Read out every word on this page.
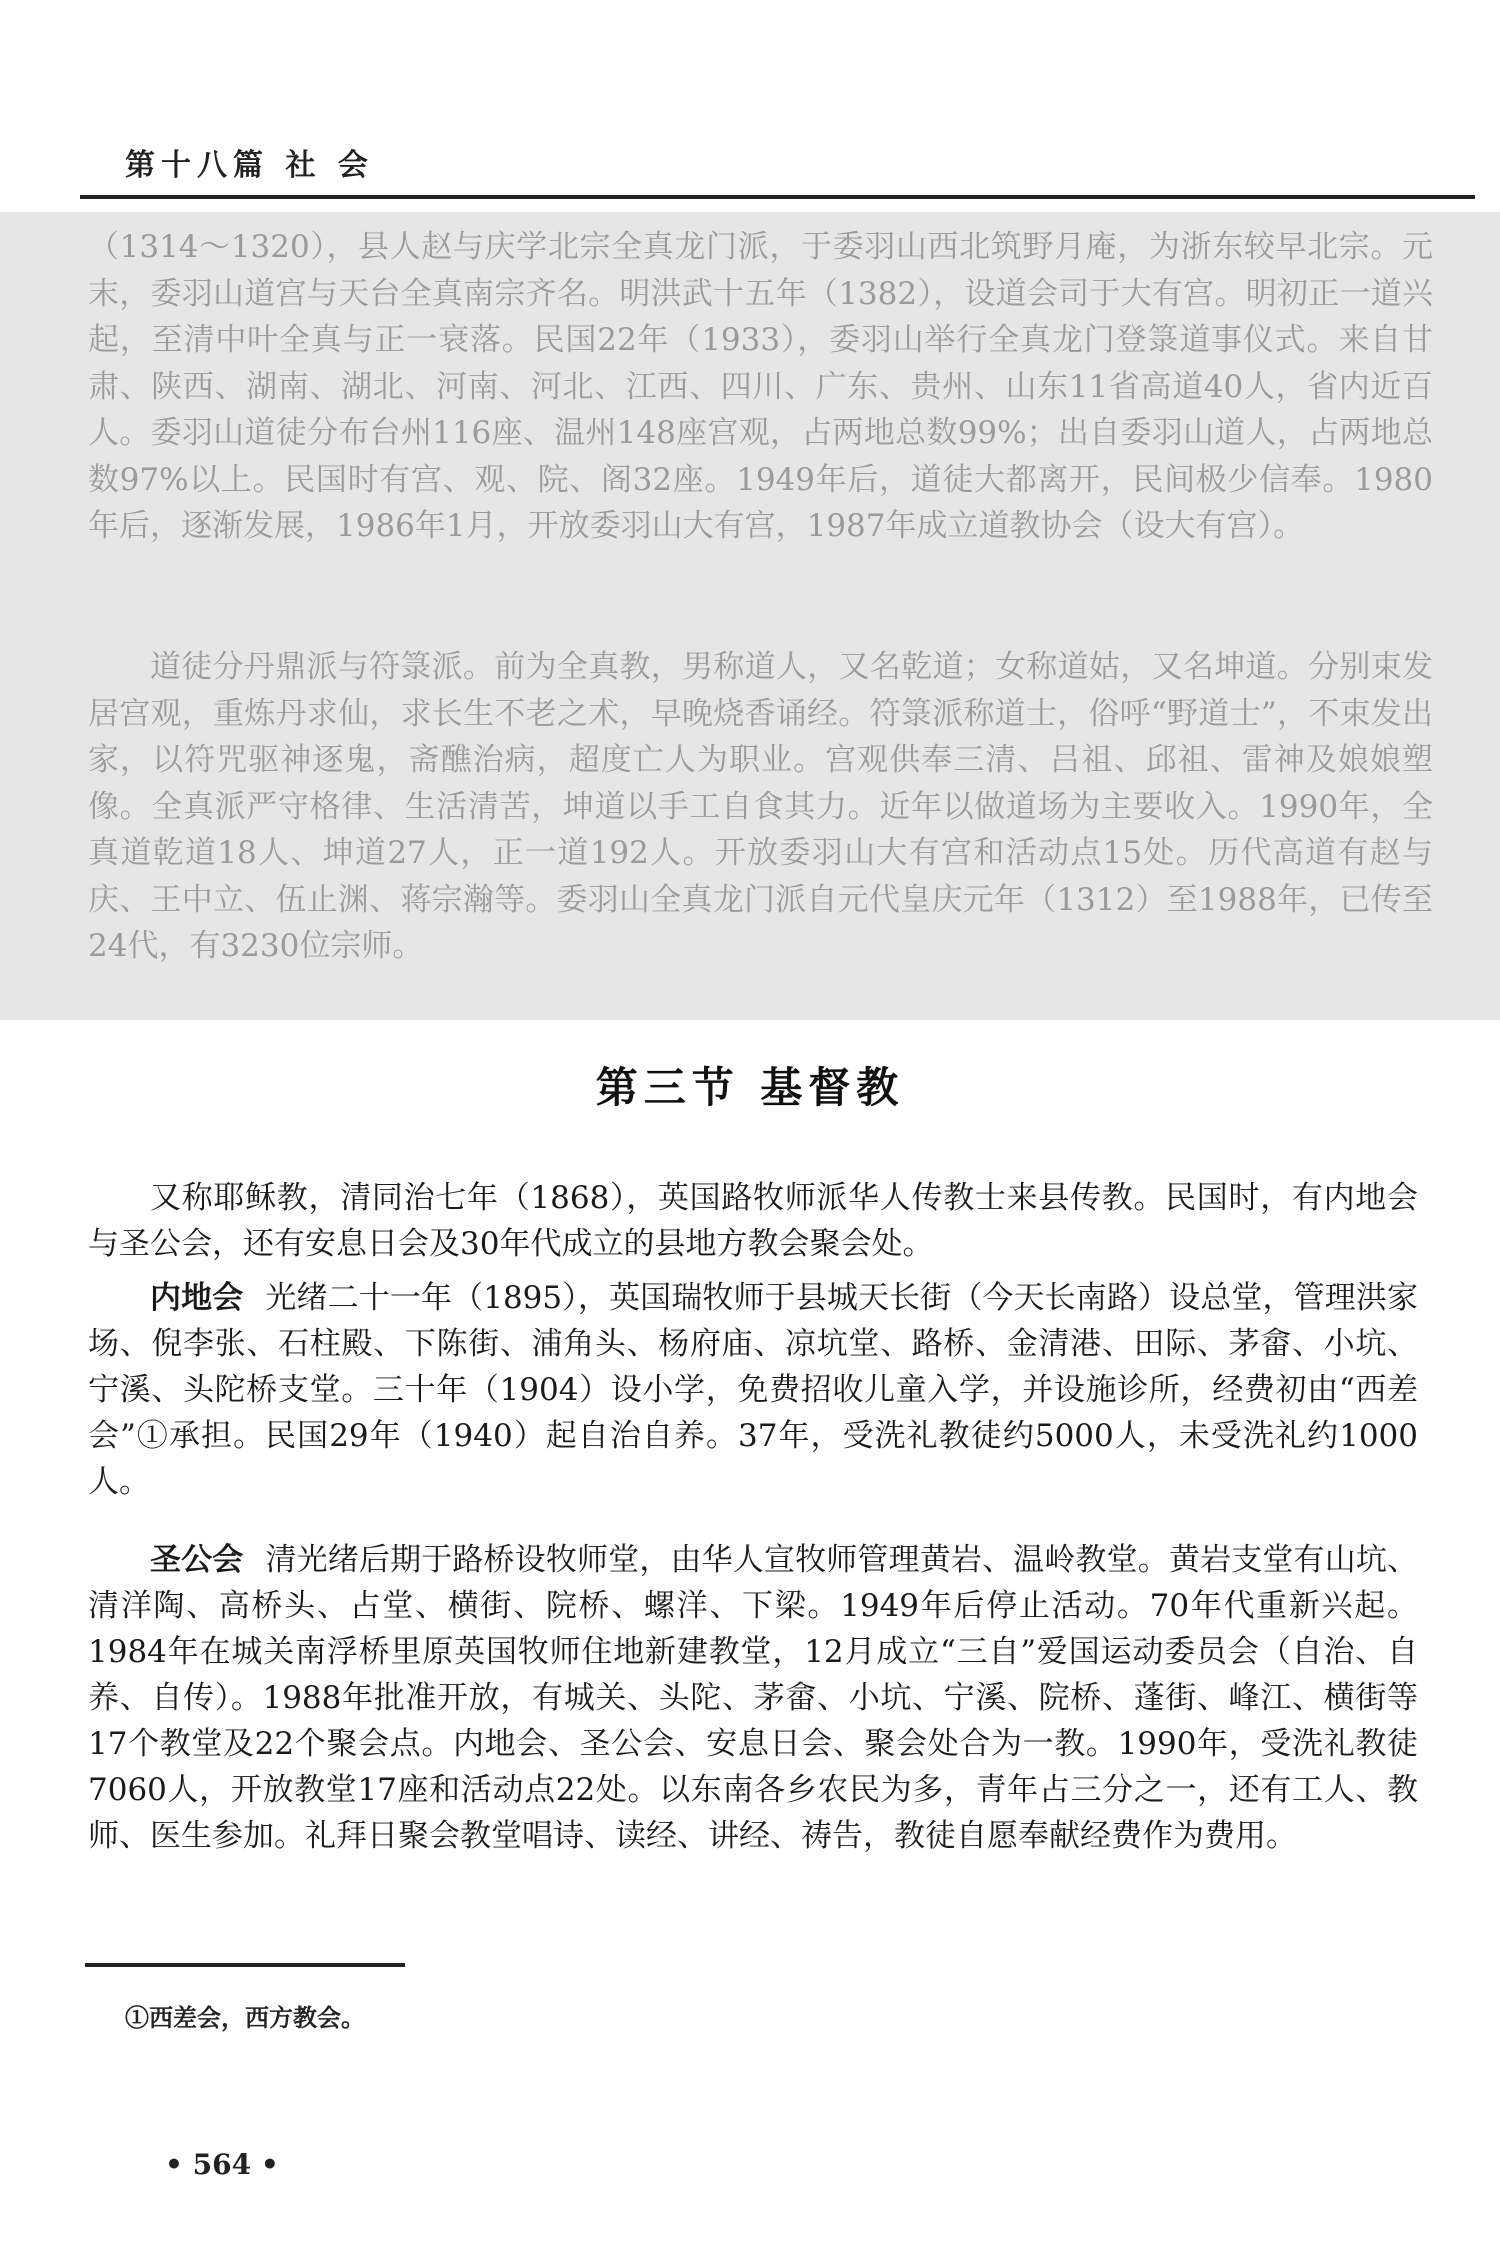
第十八篇 社 会

（1314～1320），县人赵与庆学北宗全真龙门派，于委羽山西北筑野月庵，为浙东较早北宗。元末，委羽山道宫与天台全真南宗齐名。明洪武十五年（1382），设道会司于大有宫。明初正一道兴起，至清中叶全真与正一衰落。民国22年（1933），委羽山举行全真龙门登箓道事仪式。来自甘肃、陕西、湖南、湖北、河南、河北、江西、四川、广东、贵州、山东11省高道40人，省内近百人。委羽山道徒分布台州116座、温州148座宫观，占两地总数99%；出自委羽山道人，占两地总数97%以上。民国时有宫、观、院、阁32座。1949年后，道徒大都离开，民间极少信奉。1980年后，逐渐发展，1986年1月，开放委羽山大有宫，1987年成立道教协会（设大有宫）。

道徒分丹鼎派与符箓派。前为全真教，男称道人，又名乾道；女称道姑，又名坤道。分别束发居宫观，重炼丹求仙，求长生不老之术，早晚烧香诵经。符箓派称道士，俗呼“野道士”，不束发出家，以符咒驱神逐鬼，斋醮治病，超度亡人为职业。宫观供奉三清、吕祖、邱祖、雷神及娘娘塑像。全真派严守格律、生活清苦，坤道以手工自食其力。近年以做道场为主要收入。1990年，全真道乾道18人、坤道27人，正一道192人。开放委羽山大有宫和活动点15处。历代高道有赵与庆、王中立、伍止渊、蒋宗瀚等。委羽山全真龙门派自元代皇庆元年（1312）至1988年，已传至24代，有3230位宗师。

第三节 基督教

又称耶稣教，清同治七年（1868），英国路牧师派华人传教士来县传教。民国时，有内地会与圣公会，还有安息日会及30年代成立的县地方教会聚会处。

内地会 光绪二十一年（1895），英国瑞牧师于县城天长街（今天长南路）设总堂，管理洪家场、倪李张、石柱殿、下陈街、浦角头、杨府庙、凉坑堂、路桥、金清港、田际、茅畲、小坑、宁溪、头陀桥支堂。三十年（1904）设小学，免费招收儿童入学，并设施诊所，经费初由“西差会”①承担。民国29年（1940）起自治自养。37年，受洗礼教徒约5000人，未受洗礼约1000人。

圣公会 清光绪后期于路桥设牧师堂，由华人宣牧师管理黄岩、温岭教堂。黄岩支堂有山坑、清洋陶、高桥头、占堂、横街、院桥、螺洋、下梁。1949年后停止活动。70年代重新兴起。1984年在城关南浮桥里原英国牧师住地新建教堂，12月成立“三自”爱国运动委员会（自治、自养、自传）。1988年批准开放，有城关、头陀、茅畲、小坑、宁溪、院桥、蓬街、峰江、横街等17个教堂及22个聚会点。内地会、圣公会、安息日会、聚会处合为一教。1990年，受洗礼教徒7060人，开放教堂17座和活动点22处。以东南各乡农民为多，青年占三分之一，还有工人、教师、医生参加。礼拜日聚会教堂唱诗、读经、讲经、祷告，教徒自愿奉献经费作为费用。

①西差会，西方教会。
• 564 •
